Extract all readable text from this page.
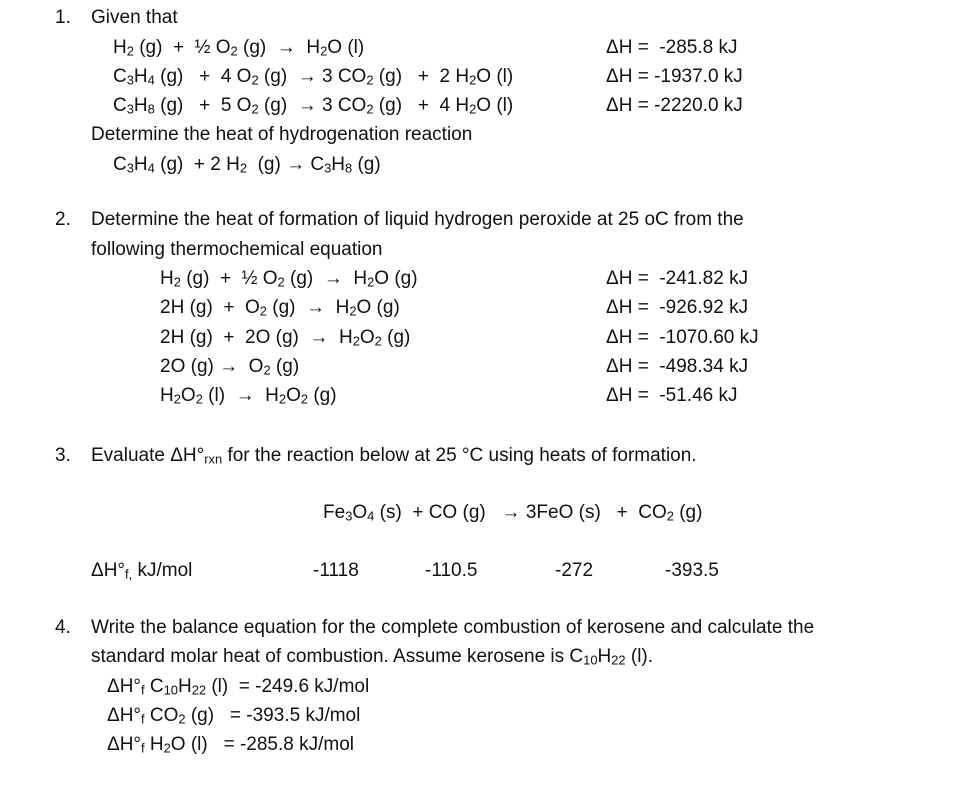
1. Given that
$H_2$ (g)  +  ½ $O_2$ $(g) \to H_2O$ (l)	ΔH =  -285.8 kJ
$C_3H_4$ (g)   +  4 $O_2$ (g)  → 3 $CO_2$ (g)   +  2 $H_2O$ (l)	ΔH = -1937.0 kJ
$C_3H_8$ (g)   +  5 $O_2$ (g)  → 3 $CO_2$ (g)   +  4 $H_2O$ (l)	ΔH = -2220.0 kJ
Determine the heat of hydrogenation reaction
$C_3H_4$ (g)  + 2 $H_2$  $(g) \to C_3H_8$ (g)
2. Determine the heat of formation of liquid hydrogen peroxide at 25 oC from the
following thermochemical equation
$H_2$ (g)  +  ½ $O_2$ $(g) \to H_2O$ (g)	ΔH =  -241.82 kJ
2H $(g) + O_2$ $(g) \to H_2O$ (g)	ΔH =  -926.92 kJ
2H (g)  +  2O $(g) \to H_2O_2$ (g)	ΔH =  -1070.60 kJ
2O $(g) \to O_2$ (g)	ΔH =  -498.34 kJ
$H_2O_2$ $(l) \to H_2O_2$ (g)	ΔH =  -51.46 kJ
3. Evaluate $\Delta H^\circ_{rxn}$ for the reaction below at 25 °C using heats of formation.
$Fe_3O_4$ (s)  + CO (g)   → 3FeO $(s) + CO_2$ (g)
$\Delta H^\circ_{f,}$ kJ/mol	-1118	-110.5	-272	-393.5
4. Write the balance equation for the complete combustion of kerosene and calculate the
standard molar heat of combustion. Assume kerosene is $C_{10}H_{22}$ (l).
$\Delta H^\circ_f$ $C_{10}H_{22}$ (l)  = -249.6 kJ/mol
$\Delta H^\circ_f$ $CO_2$ (g)   = -393.5 kJ/mol
$\Delta H^\circ_f$ $H_2O$ (l)   = -285.8 kJ/mol
